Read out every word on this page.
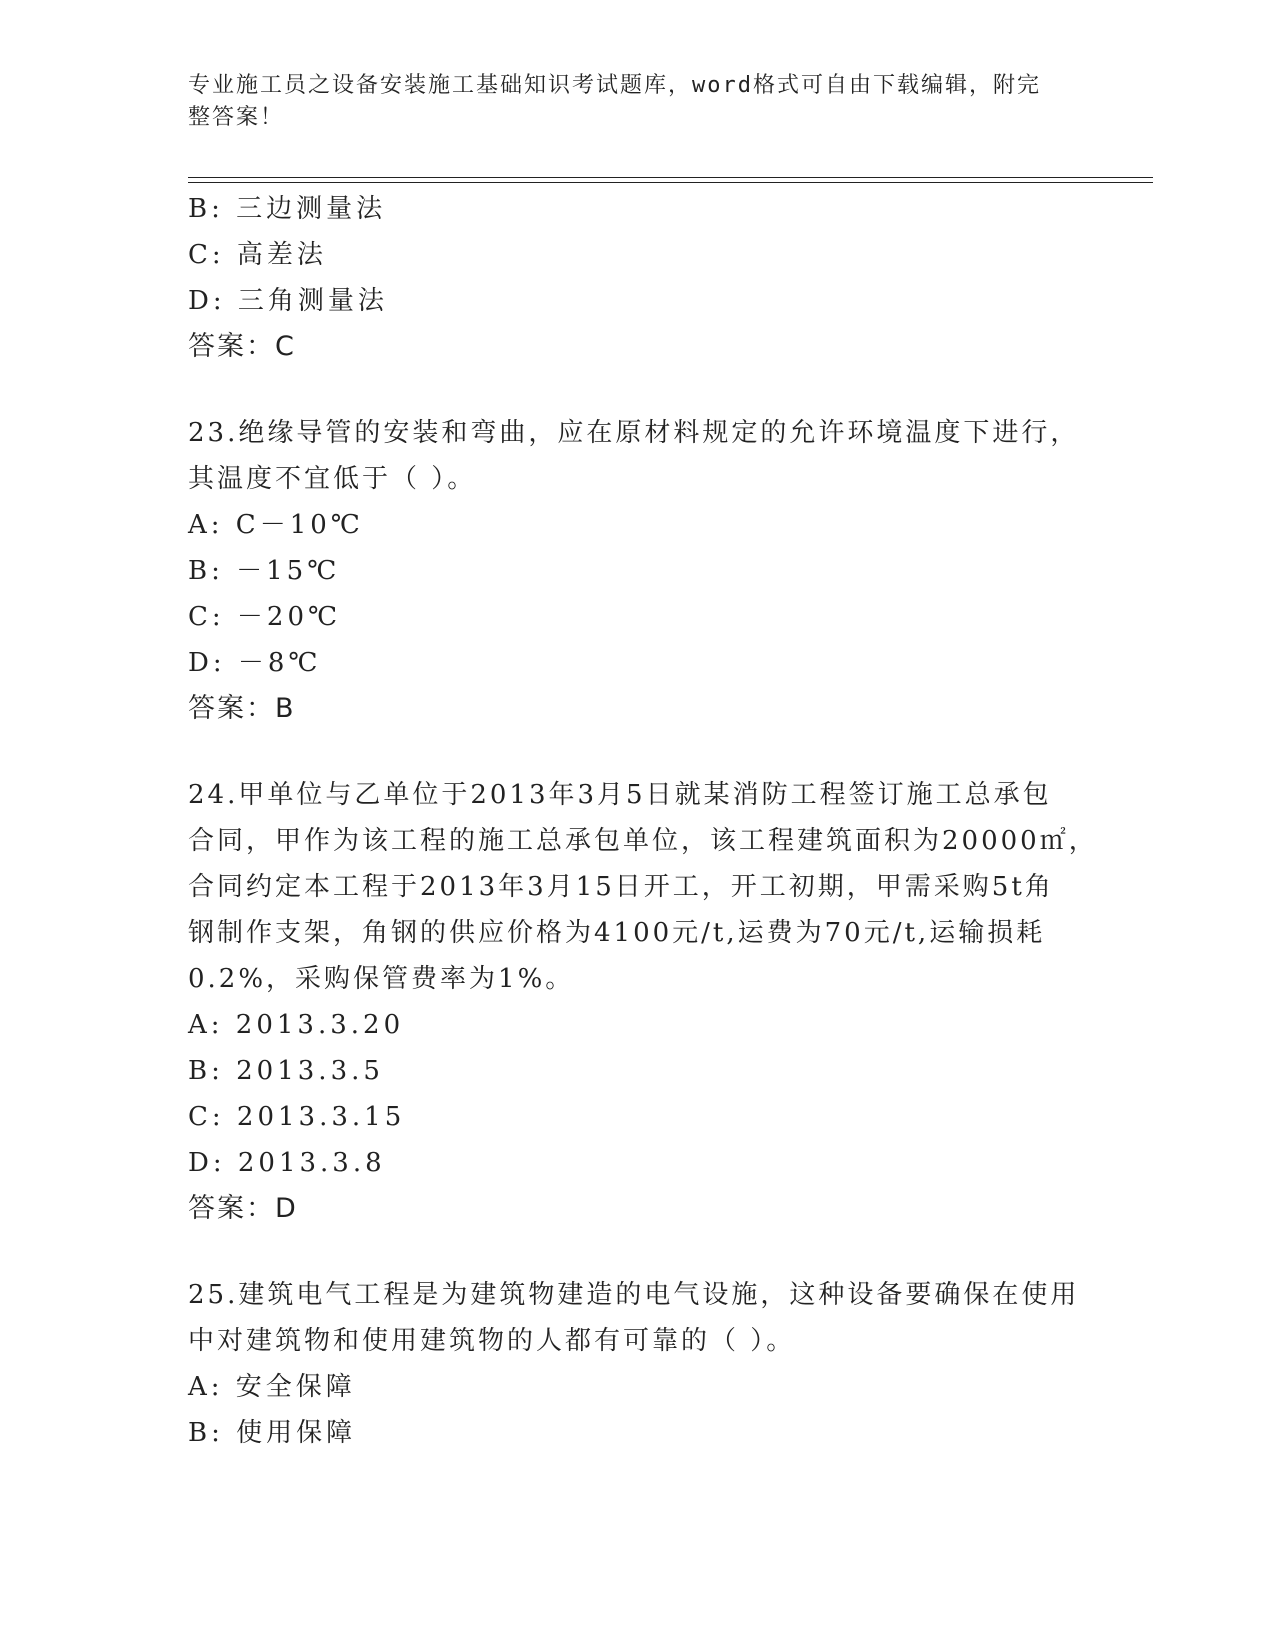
专业施工员之设备安装施工基础知识考试题库，word格式可自由下载编辑，附完
整答案！
B: 三边测量法
C: 高差法
D: 三角测量法
答案：C
23.绝缘导管的安装和弯曲，应在原材料规定的允许环境温度下进行，
其温度不宜低于（ ）。
A: C－10℃
B: －15℃
C: －20℃
D: －8℃
答案：B
24.甲单位与乙单位于2013年3月5日就某消防工程签订施工总承包
合同，甲作为该工程的施工总承包单位，该工程建筑面积为20000㎡，
合同约定本工程于2013年3月15日开工，开工初期，甲需采购5t角
钢制作支架，角钢的供应价格为4100元/t,运费为70元/t,运输损耗
0.2%，采购保管费率为1%。
A: 2013.3.20
B: 2013.3.5
C: 2013.3.15
D: 2013.3.8
答案：D
25.建筑电气工程是为建筑物建造的电气设施，这种设备要确保在使用
中对建筑物和使用建筑物的人都有可靠的（ ）。
A: 安全保障
B: 使用保障
